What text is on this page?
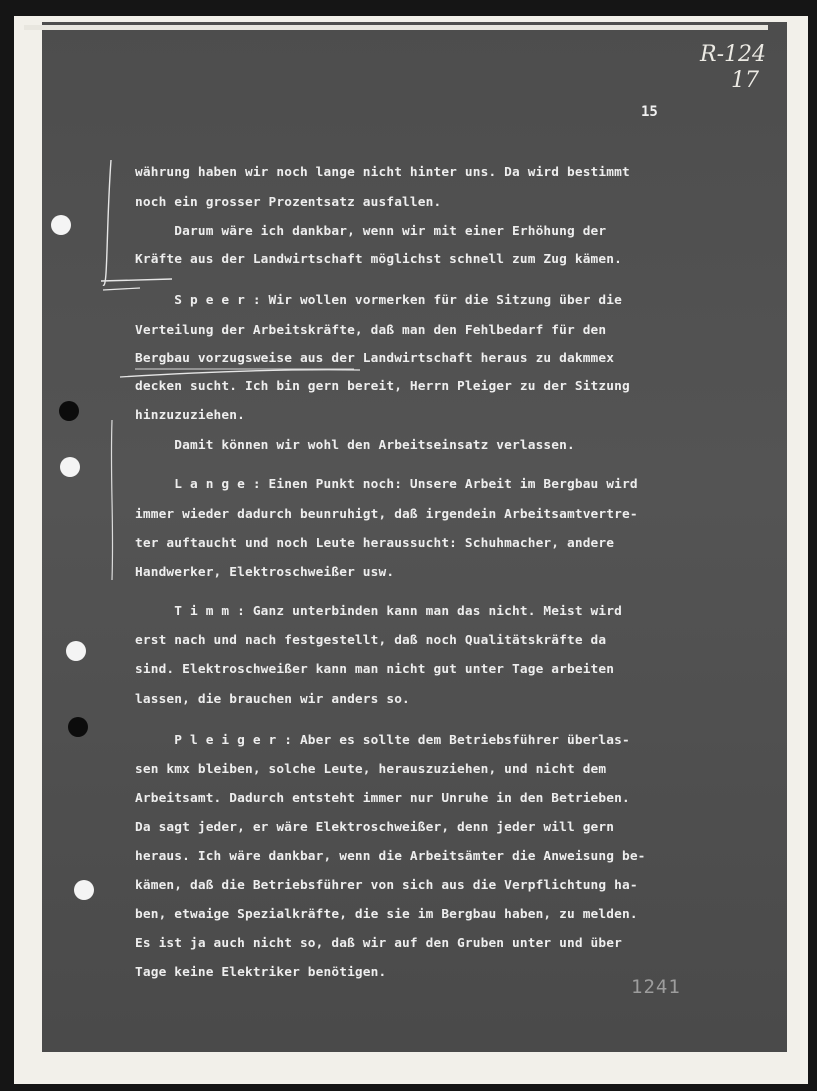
R-124
17
15
währung haben wir noch lange nicht hinter uns. Da wird bestimmt
noch ein grosser Prozentsatz ausfallen.
Darum wäre ich dankbar, wenn wir mit einer Erhöhung der
Kräfte aus der Landwirtschaft möglichst schnell zum Zug kämen.
S p e e r : Wir wollen vormerken für die Sitzung über die
Verteilung der Arbeitskräfte, daß man den Fehlbedarf für den
Bergbau vorzugsweise aus der Landwirtschaft heraus zu dakmmex
decken sucht. Ich bin gern bereit, Herrn Pleiger zu der Sitzung
hinzuzuziehen.
Damit können wir wohl den Arbeitseinsatz verlassen.
L a n g e : Einen Punkt noch: Unsere Arbeit im Bergbau wird
immer wieder dadurch beunruhigt, daß irgendein Arbeitsamtvertre-
ter auftaucht und noch Leute heraussucht: Schuhmacher, andere
Handwerker, Elektroschweißer usw.
T i m m : Ganz unterbinden kann man das nicht. Meist wird
erst nach und nach festgestellt, daß noch Qualitätskräfte da
sind. Elektroschweißer kann man nicht gut unter Tage arbeiten
lassen, die brauchen wir anders so.
P l e i g e r : Aber es sollte dem Betriebsführer überlas-
sen kmx bleiben, solche Leute, herauszuziehen, und nicht dem
Arbeitsamt. Dadurch entsteht immer nur Unruhe in den Betrieben.
Da sagt jeder, er wäre Elektroschweißer, denn jeder will gern
heraus. Ich wäre dankbar, wenn die Arbeitsämter die Anweisung be-
kämen, daß die Betriebsführer von sich aus die Verpflichtung ha-
ben, etwaige Spezialkräfte, die sie im Bergbau haben, zu melden.
Es ist ja auch nicht so, daß wir auf den Gruben unter und über
Tage keine Elektriker benötigen.
1241
